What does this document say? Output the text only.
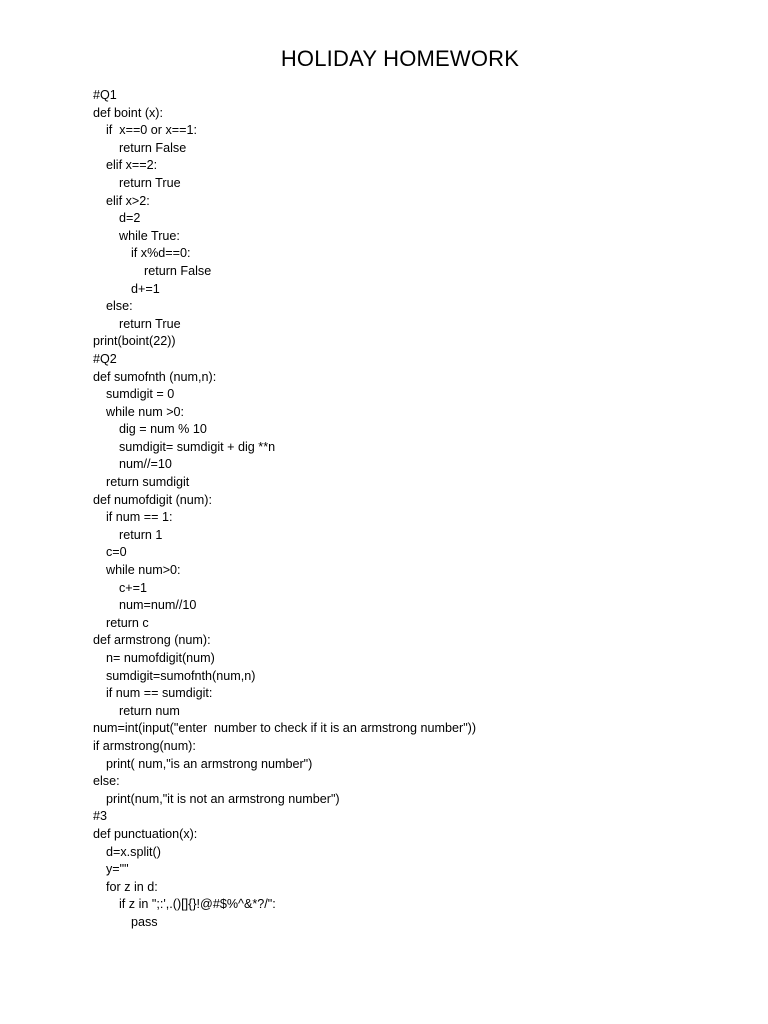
HOLIDAY HOMEWORK
#Q1
def boint (x):
if  x==0 or x==1:
return False
elif x==2:
return True
elif x>2:
d=2
while True:
if x%d==0:
return False
d+=1
else:
return True
print(boint(22))
#Q2
def sumofnth (num,n):
sumdigit = 0
while num >0:
dig = num % 10
sumdigit= sumdigit + dig **n
num//=10
return sumdigit
def numofdigit (num):
if num == 1:
return 1
c=0
while num>0:
c+=1
num=num//10
return c
def armstrong (num):
n= numofdigit(num)
sumdigit=sumofnth(num,n)
if num == sumdigit:
return num
num=int(input("enter  number to check if it is an armstrong number"))
if armstrong(num):
print( num,"is an armstrong number")
else:
print(num,"it is not an armstrong number")
#3
def punctuation(x):
d=x.split()
y=""
for z in d:
if z in ";:',.()[]{}!@#$%^&*?/":
pass
